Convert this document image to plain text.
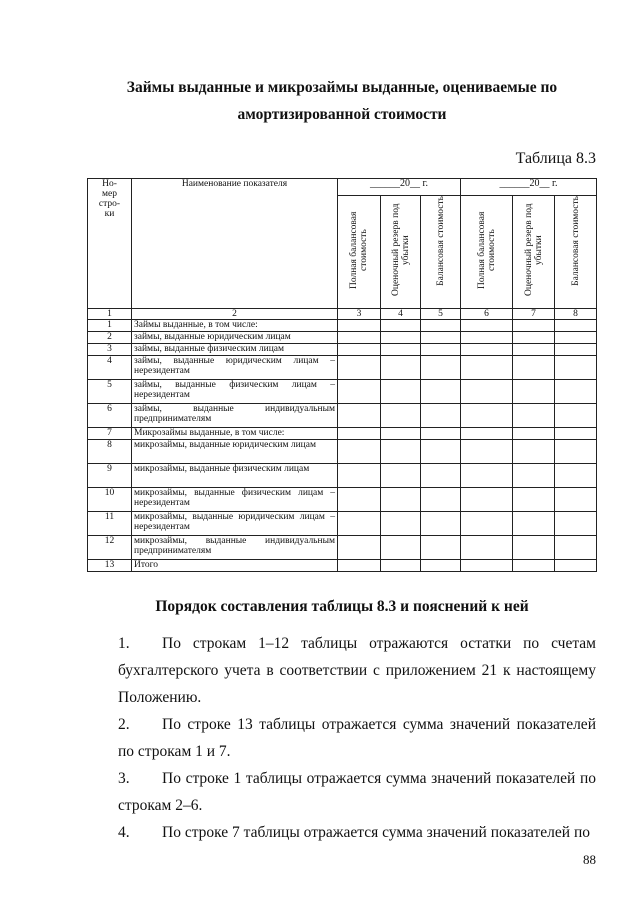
Займы выданные и микрозаймы выданные, оцениваемые по
амортизированной стоимости
Таблица 8.3
Но-
мер
стро-
ки	Наименование показателя	______20__ г.			______20__ г.		
		Полная балансовая стоимость	Оценочный резерв под убытки	Балансовая стоимость	Полная балансовая стоимость	Оценочный резерв под убытки	Балансовая стоимость
1	2	3	4	5	6	7	8
1	Займы выданные, в том числе:						
2	займы, выданные юридическим лицам						
3	займы, выданные физическим лицам						
4	займы, выданные юридическим лицам – нерезидентам						
5	займы, выданные физическим лицам – нерезидентам						
6	займы, выданные индивидуальным предпринимателям						
7	Микрозаймы выданные, в том числе:						
8	микрозаймы, выданные юридическим лицам						
9	микрозаймы, выданные физическим лицам						
10	микрозаймы, выданные физическим лицам – нерезидентам						
11	микрозаймы, выданные юридическим лицам – нерезидентам						
12	микрозаймы, выданные индивидуальным предпринимателям						
13	Итого						
Порядок составления таблицы 8.3 и пояснений к ней
1. По строкам 1–12 таблицы отражаются остатки по счетам бухгалтерского учета в соответствии с приложением 21 к настоящему Положению.
2. По строке 13 таблицы отражается сумма значений показателей по строкам 1 и 7.
3. По строке 1 таблицы отражается сумма значений показателей по строкам 2–6.
4. По строке 7 таблицы отражается сумма значений показателей по
88
